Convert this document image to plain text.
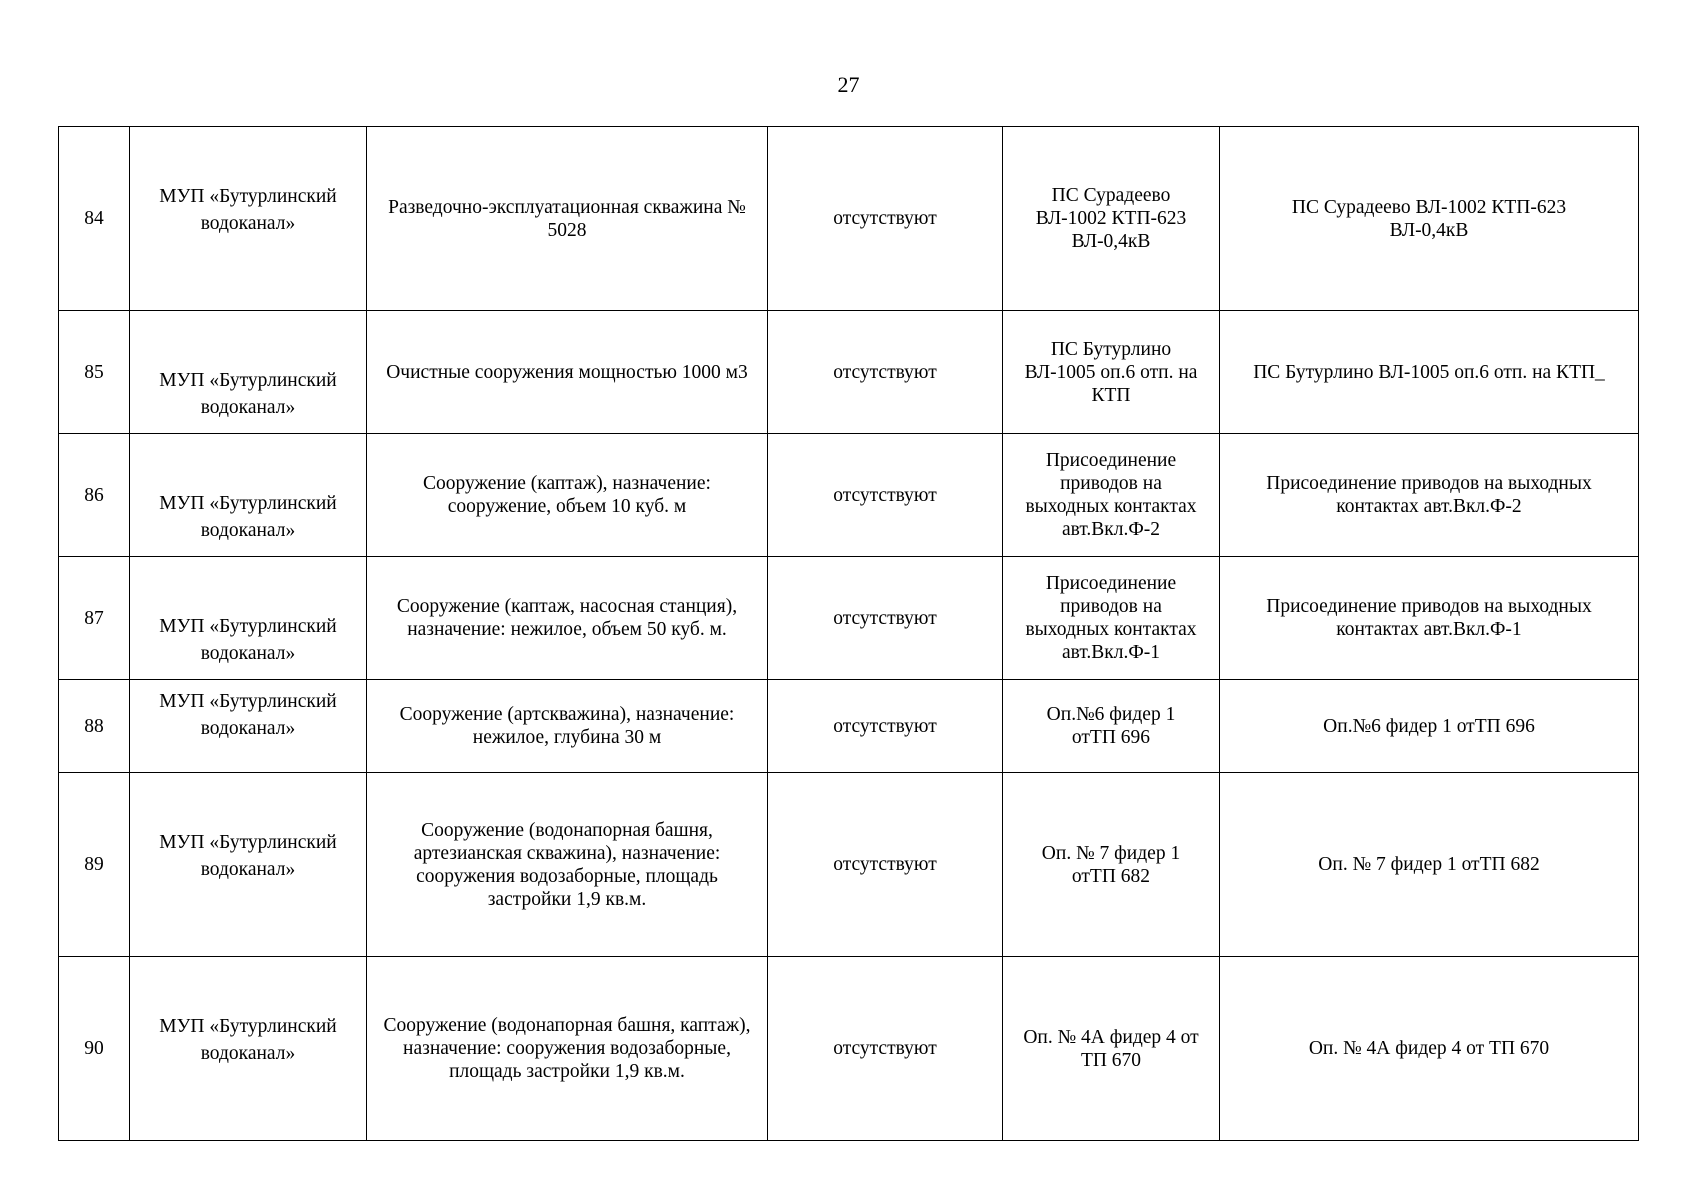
27
84	МУП «Бутурлинский
водоканал»	Разведочно-эксплуатационная скважина № 5028	отсутствуют	ПС Сурадеево ВЛ-1002 КТП-623 ВЛ-0,4кВ	ПС Сурадеево ВЛ-1002 КТП-623 ВЛ-0,4кВ
85	МУП «Бутурлинский
водоканал»	Очистные сооружения мощностью 1000 м3	отсутствуют	ПС Бутурлино ВЛ-1005 оп.6 отп. на КТП	ПС Бутурлино ВЛ-1005 оп.6 отп. на КТП_
86	МУП «Бутурлинский
водоканал»	Сооружение (каптаж), назначение: сооружение, объем 10 куб. м	отсутствуют	Присоединение приводов на выходных контактах авт.Вкл.Ф-2	Присоединение приводов на выходных контактах авт.Вкл.Ф-2
87	МУП «Бутурлинский
водоканал»	Сооружение (каптаж, насосная станция), назначение: нежилое, объем 50 куб. м.	отсутствуют	Присоединение приводов на выходных контактах авт.Вкл.Ф-1	Присоединение приводов на выходных контактах авт.Вкл.Ф-1
88	МУП «Бутурлинский
водоканал»	Сооружение (артскважина), назначение: нежилое, глубина 30 м	отсутствуют	Оп.№6 фидер 1 отТП 696	Оп.№6 фидер 1 отТП 696
89	МУП «Бутурлинский
водоканал»	Сооружение (водонапорная башня, артезианская скважина), назначение: сооружения водозаборные, площадь застройки 1,9 кв.м.	отсутствуют	Оп. № 7 фидер 1 отТП 682	Оп. № 7 фидер 1 отТП 682
90	МУП «Бутурлинский
водоканал»	Сооружение (водонапорная башня, каптаж), назначение: сооружения водозаборные, площадь застройки 1,9 кв.м.	отсутствуют	Оп. № 4А фидер 4 от ТП 670	Оп. № 4А фидер 4 от ТП 670
